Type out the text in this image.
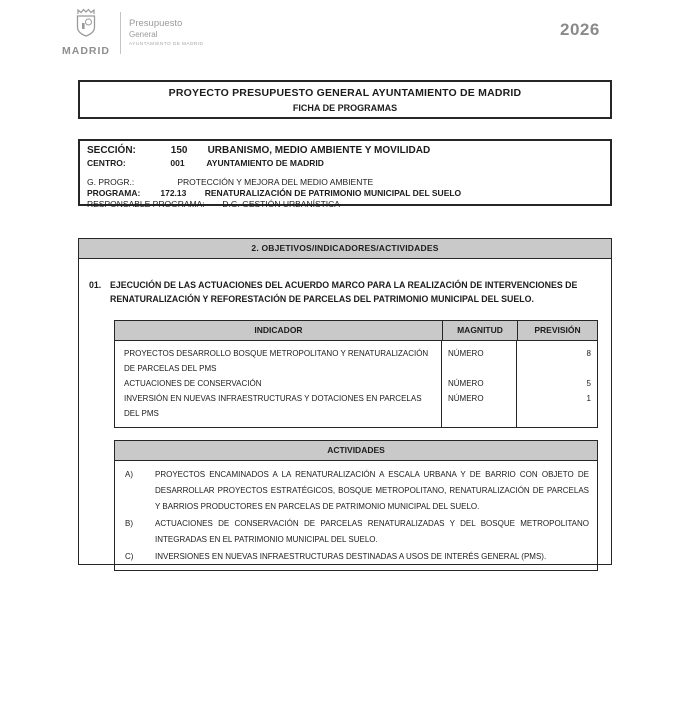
MADRID
Presupuesto
General
AYUNTAMIENTO DE MADRID
2026
PROYECTO PRESUPUESTO GENERAL AYUNTAMIENTO DE MADRID
FICHA DE PROGRAMAS
SECCIÓN:	150 URBANISMO, MEDIO AMBIENTE Y MOVILIDAD
CENTRO:	001	AYUNTAMIENTO DE MADRID
G. PROGR.:	PROTECCIÓN Y MEJORA DEL MEDIO AMBIENTE
PROGRAMA: 172.13 RENATURALIZACIÓN DE PATRIMONIO MUNICIPAL DEL SUELO
RESPONSABLE PROGRAMA: D.G. GESTIÓN URBANÍSTICA
2. OBJETIVOS/INDICADORES/ACTIVIDADES
01. EJECUCIÓN DE LAS ACTUACIONES DEL ACUERDO MARCO PARA LA REALIZACIÓN DE INTERVENCIONES DE RENATURALIZACIÓN Y REFORESTACIÓN DE PARCELAS DEL PATRIMONIO MUNICIPAL DEL SUELO.
INDICADOR	MAGNITUD	PREVISIÓN
PROYECTOS DESARROLLO BOSQUE METROPOLITANO Y RENATURALIZACIÓN DE PARCELAS DEL PMS
NÚMERO	8
ACTUACIONES DE CONSERVACIÓN	NÚMERO	5
INVERSIÓN EN NUEVAS INFRAESTRUCTURAS Y DOTACIONES EN PARCELAS DEL PMS
NÚMERO	1
ACTIVIDADES
A)	PROYECTOS ENCAMINADOS A LA RENATURALIZACIÓN A ESCALA URBANA Y DE BARRIO CON OBJETO DE DESARROLLAR PROYECTOS ESTRATÉGICOS, BOSQUE METROPOLITANO, RENATURALIZACIÓN DE PARCELAS Y BARRIOS PRODUCTORES EN PARCELAS DE PATRIMONIO MUNICIPAL DEL SUELO.
B)	ACTUACIONES DE CONSERVACIÓN DE PARCELAS RENATURALIZADAS Y DEL BOSQUE METROPOLITANO INTEGRADAS EN EL PATRIMONIO MUNICIPAL DEL SUELO.
C)	INVERSIONES EN NUEVAS INFRAESTRUCTURAS DESTINADAS A USOS DE INTERÉS GENERAL (PMS).
